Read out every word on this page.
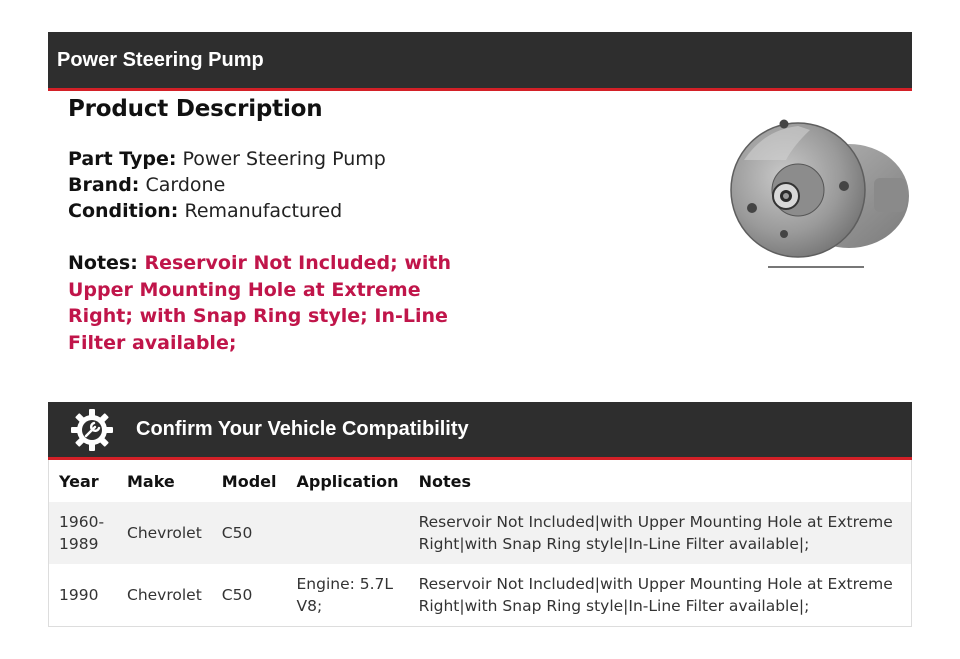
Power Steering Pump
Product Description
Part Type: Power Steering Pump
Brand: Cardone
Condition: Remanufactured
Notes: Reservoir Not Included; with Upper Mounting Hole at Extreme Right; with Snap Ring style; In-Line Filter available;
Confirm Your Vehicle Compatibility
Year	Make	Model	Application	Notes
1960-1989	Chevrolet	C50		Reservoir Not Included|with Upper Mounting Hole at Extreme Right|with Snap Ring style|In-Line Filter available|;
1990	Chevrolet	C50	Engine: 5.7L V8;	Reservoir Not Included|with Upper Mounting Hole at Extreme Right|with Snap Ring style|In-Line Filter available|;
